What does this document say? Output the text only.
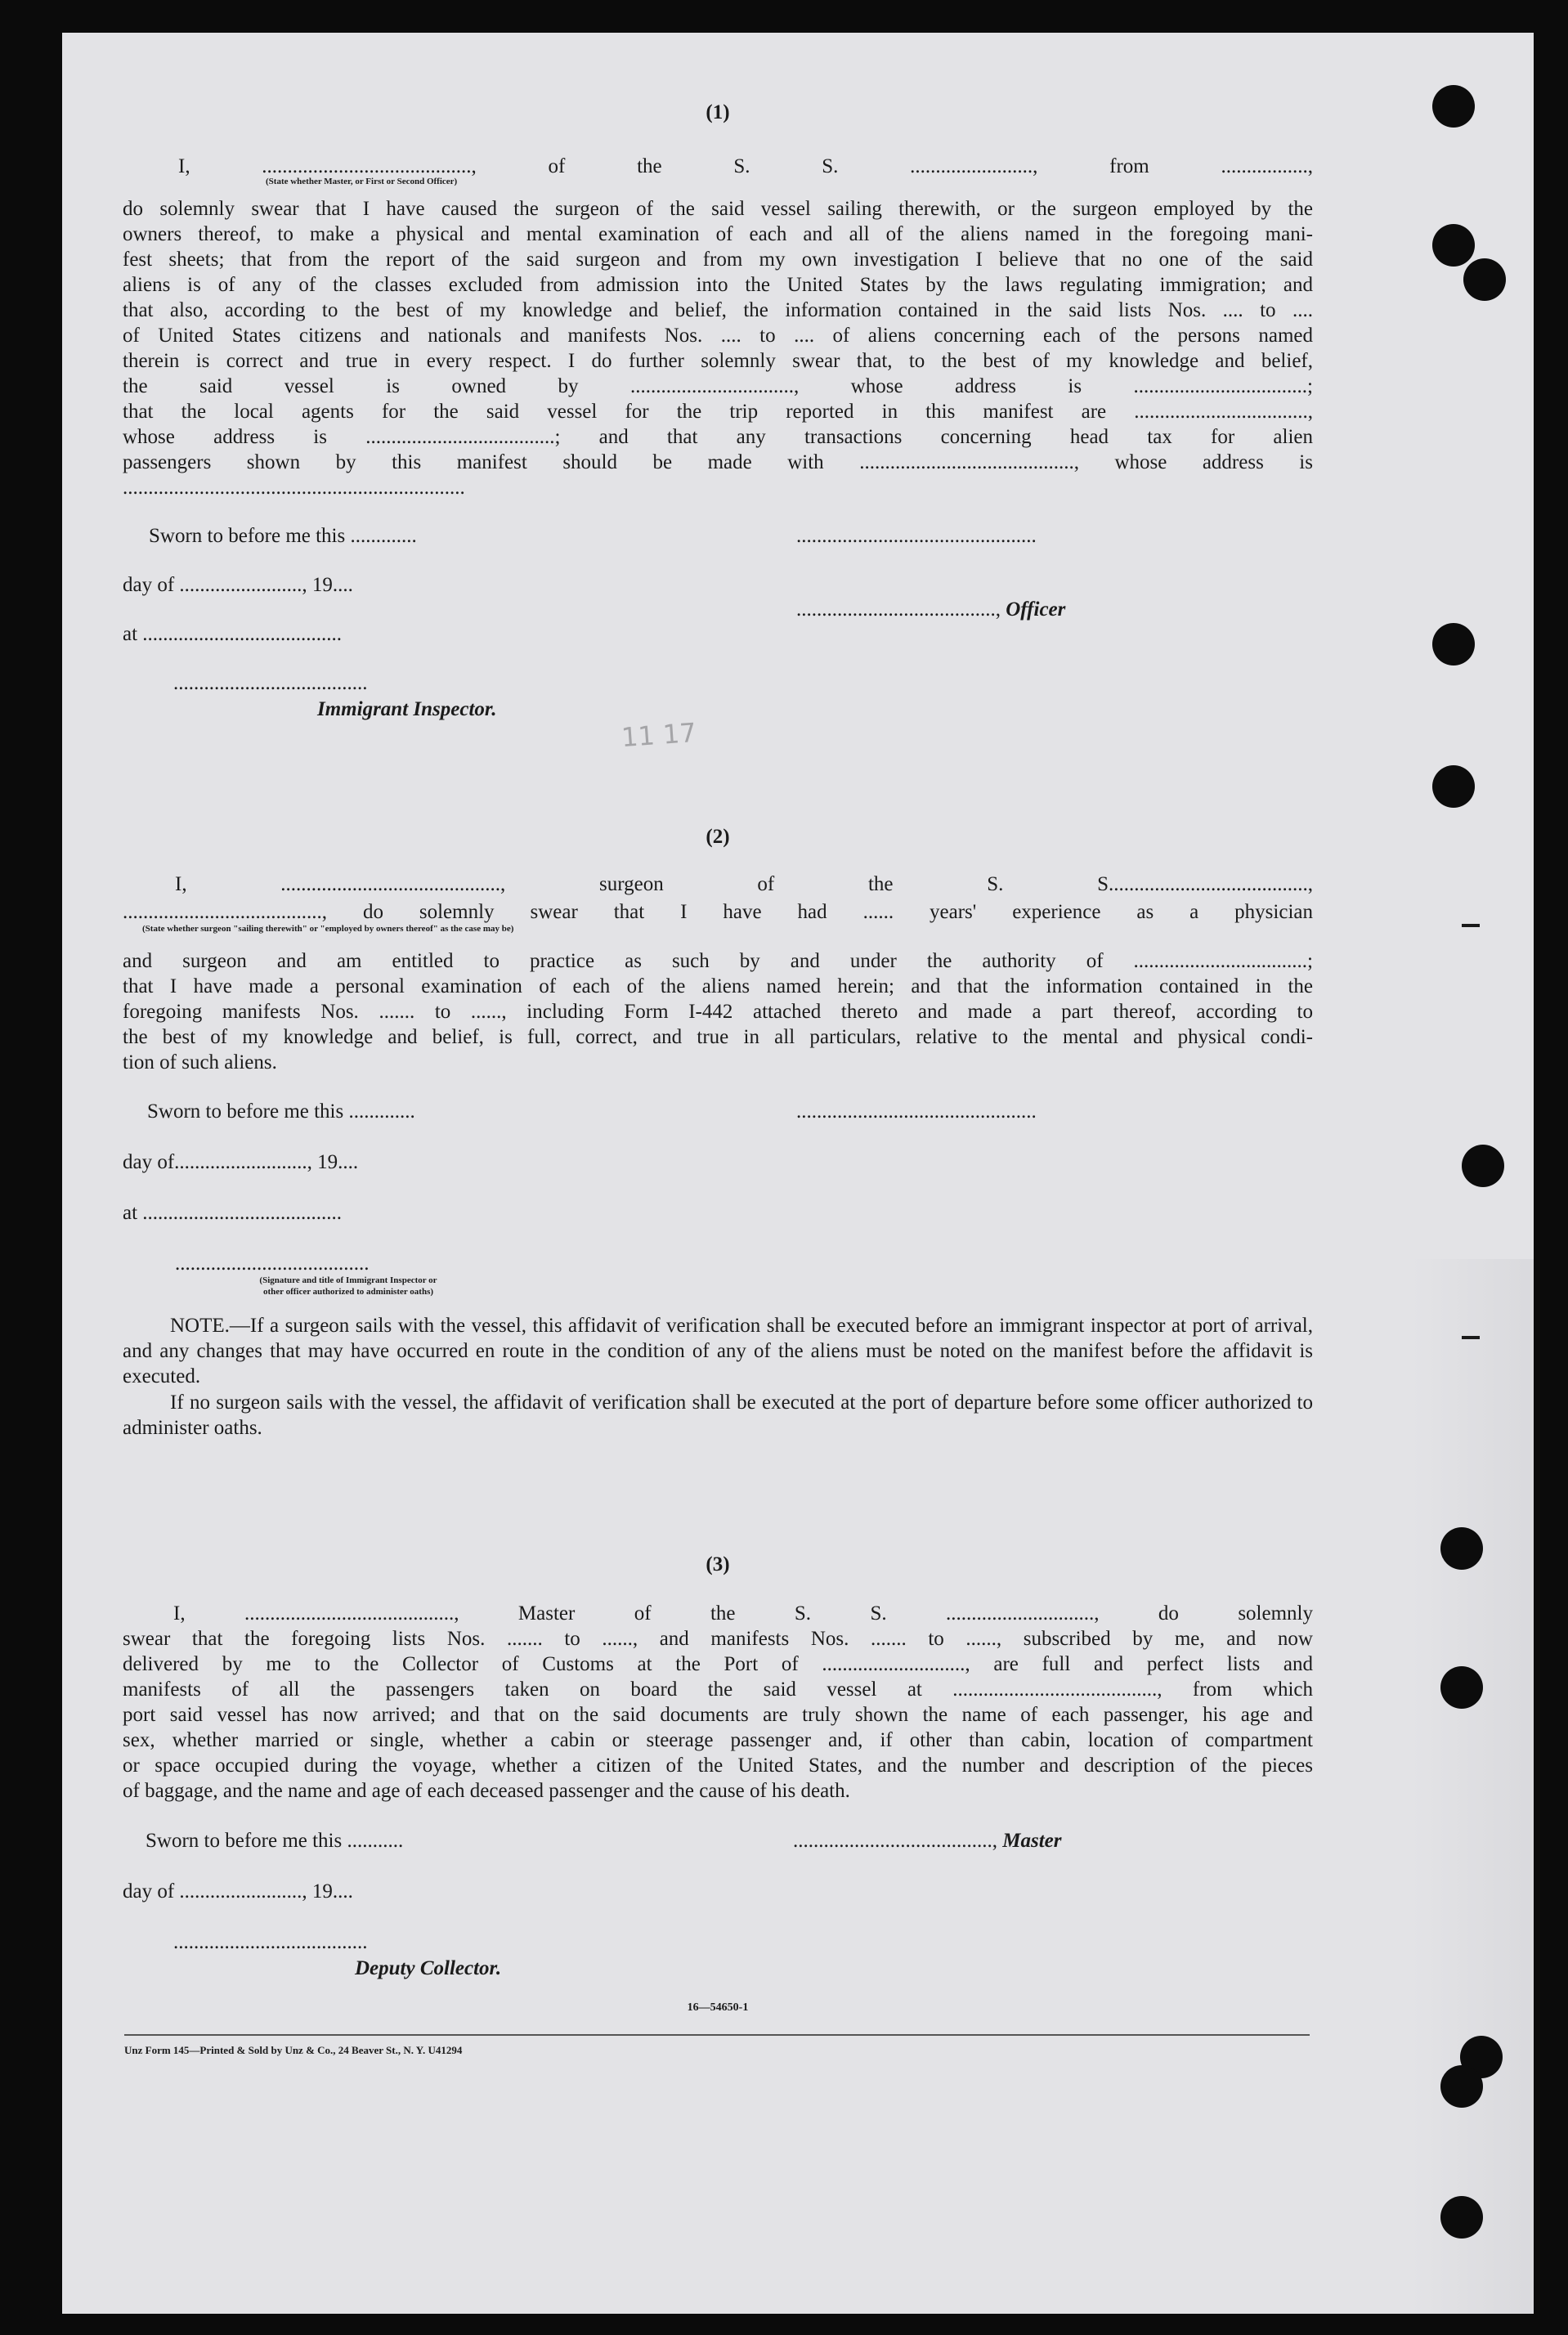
11 17
(1)
I, ........................................., of the S. S. ........................, from .................,
(State whether Master, or First or Second Officer)
do solemnly swear that I have caused the surgeon of the said vessel sailing therewith, or the surgeon employed by the
owners thereof, to make a physical and mental examination of each and all of the aliens named in the foregoing mani-
fest sheets; that from the report of the said surgeon and from my own investigation I believe that no one of the said
aliens is of any of the classes excluded from admission into the United States by the laws regulating immigration; and
that also, according to the best of my knowledge and belief, the information contained in the said lists Nos. .... to ....
of United States citizens and nationals and manifests Nos. .... to .... of aliens concerning each of the persons named
therein is correct and true in every respect. I do further solemnly swear that, to the best of my knowledge and belief,
the said vessel is owned by ................................, whose address is ..................................;
that the local agents for the said vessel for the trip reported in this manifest are ..................................,
whose address is .....................................; and that any transactions concerning head tax for alien
passengers shown by this manifest should be made with .........................................., whose address is
...................................................................
Sworn to before me this .............	...............................................
day of ........................, 19....
......................................., Officer
at .......................................
......................................
Immigrant Inspector.
(2)
I, ..........................................., surgeon of the S. S.......................................,
......................................., do solemnly swear that I have had ...... years' experience as a physician
(State whether surgeon "sailing therewith" or "employed by owners thereof" as the case may be)
and surgeon and am entitled to practice as such by and under the authority of ..................................;
that I have made a personal examination of each of the aliens named herein; and that the information contained in the
foregoing manifests Nos. ....... to ......, including Form I-442 attached thereto and made a part thereof, according to
the best of my knowledge and belief, is full, correct, and true in all particulars, relative to the mental and physical condi-
tion of such aliens.
Sworn to before me this .............	...............................................
day of.........................., 19....
at .......................................
......................................
(Signature and title of Immigrant Inspector or
other officer authorized to administer oaths)
NOTE.—If a surgeon sails with the vessel, this affidavit of verification shall be executed before an immigrant inspector at port of arrival, and any changes that may have occurred en route in the condition of any of the aliens must be noted on the manifest before the affidavit is executed.
If no surgeon sails with the vessel, the affidavit of verification shall be executed at the port of departure before some officer authorized to administer oaths.
(3)
I, ........................................., Master of the S. S. ............................., do solemnly
swear that the foregoing lists Nos. ....... to ......, and manifests Nos. ....... to ......, subscribed by me, and now
delivered by me to the Collector of Customs at the Port of ............................, are full and perfect lists and
manifests of all the passengers taken on board the said vessel at ........................................, from which
port said vessel has now arrived; and that on the said documents are truly shown the name of each passenger, his age and
sex, whether married or single, whether a cabin or steerage passenger and, if other than cabin, location of compartment
or space occupied during the voyage, whether a citizen of the United States, and the number and description of the pieces
of baggage, and the name and age of each deceased passenger and the cause of his death.
Sworn to before me this ...........	......................................., Master
day of ........................, 19....
......................................
Deputy Collector.
16—54650-1
Unz Form 145—Printed & Sold by Unz & Co., 24 Beaver St., N. Y. U41294
